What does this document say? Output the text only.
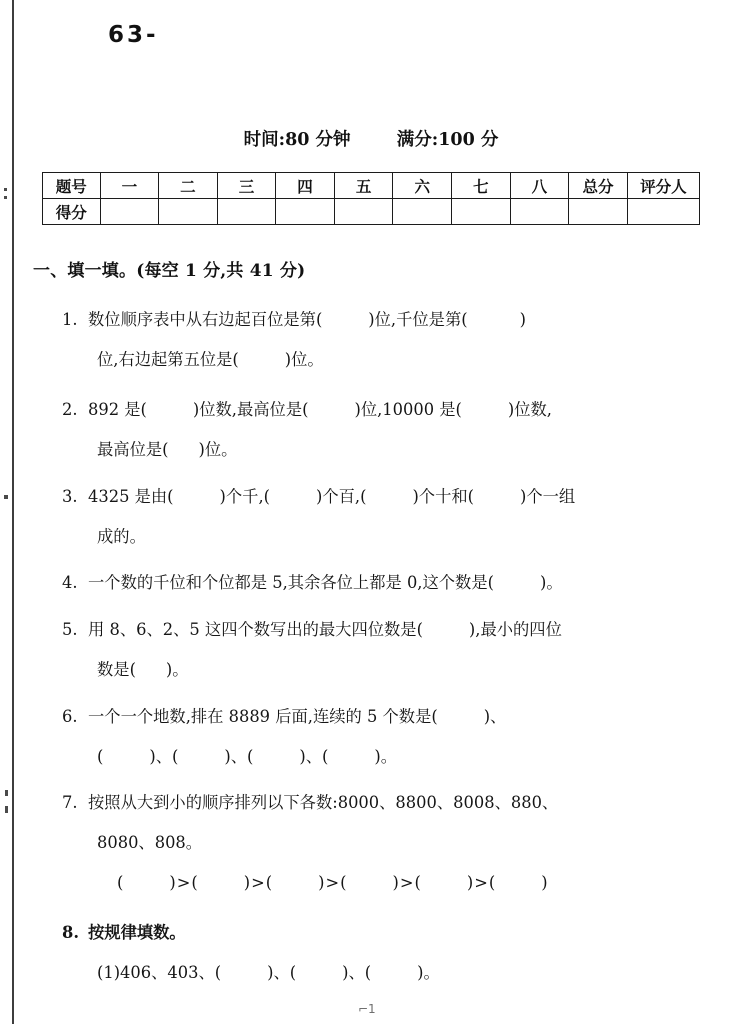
63-
时间:80 分钟	满分:100 分
题号	一	二	三	四	五	六	七	八	总分	评分人
得分										
一、填一填。(每空 1 分,共 41 分)
1. 数位顺序表中从右边起百位是第(	)位,千位是第(	)
位,右边起第五位是(	)位。
2. 892 是(	)位数,最高位是(	)位,10000 是(	)位数,
最高位是( )位。
3. 4325 是由(	)个千,(	)个百,(	)个十和(	)个一组
成的。
4. 一个数的千位和个位都是 5,其余各位上都是 0,这个数是(	)。
5. 用 8、6、2、5 这四个数写出的最大四位数是(	),最小的四位
数是( )。
6. 一个一个地数,排在 8889 后面,连续的 5 个数是(	)、
(	)、(	)、(	)、(	)。
7. 按照从大到小的顺序排列以下各数:8000、8800、8008、880、
8080、808。
(	)>(	)>(	)>(	)>(	)>(	)
8. 按规律填数。
(1)406、403、(	)、(	)、(	)。
⌐1
